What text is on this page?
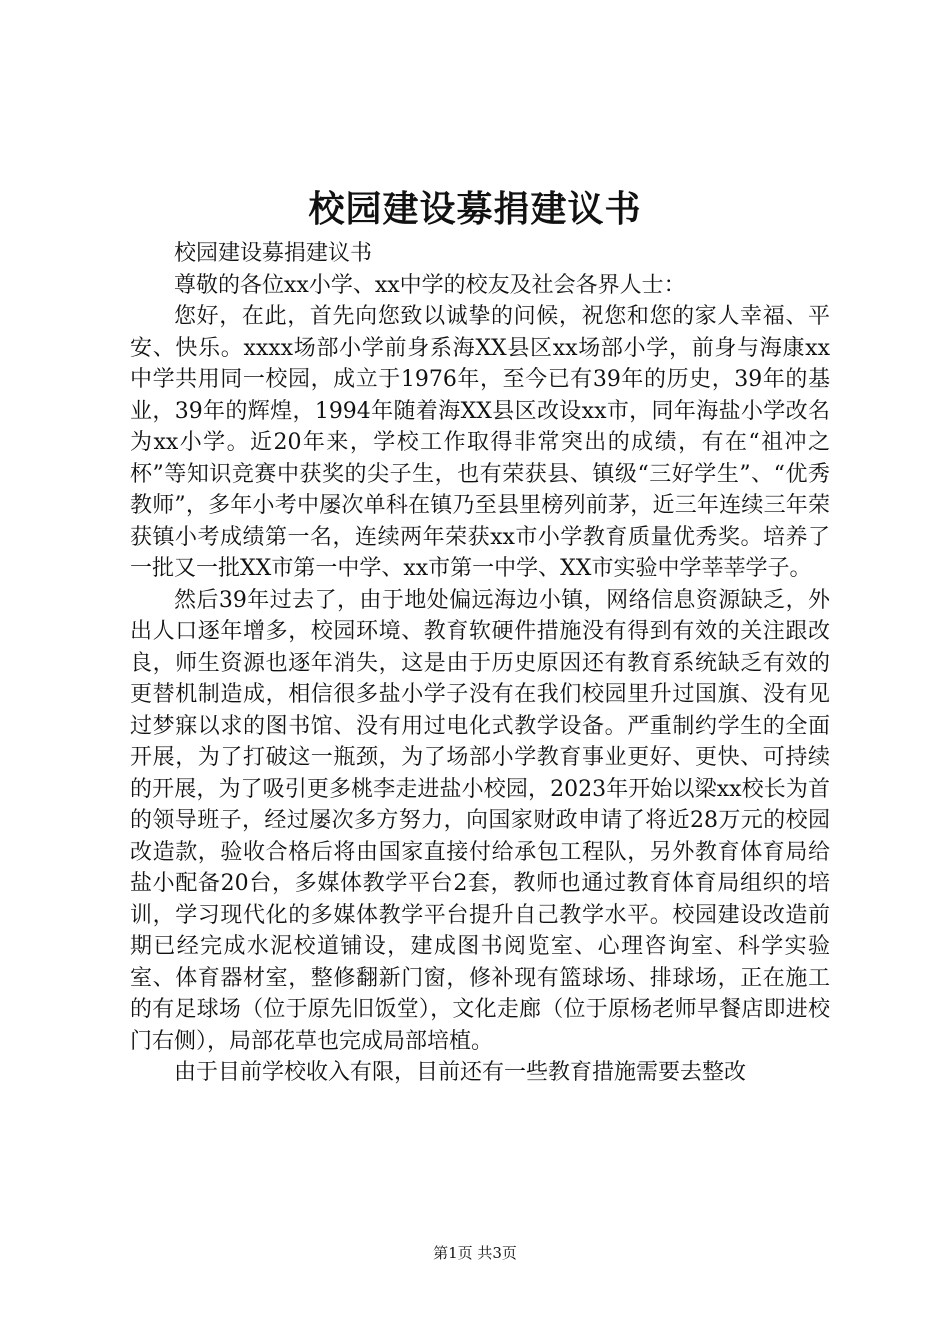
校园建设募捐建议书

校园建设募捐建议书

尊敬的各位xx小学、xx中学的校友及社会各界人士：

您好，在此，首先向您致以诚挚的问候，祝您和您的家人幸福、平安、快乐。xxxx场部小学前身系海XX县区xx场部小学，前身与海康xx中学共用同一校园，成立于1976年，至今已有39年的历史，39年的基业，39年的辉煌，1994年随着海XX县区改设xx市，同年海盐小学改名为xx小学。近20年来，学校工作取得非常突出的成绩，有在“祖冲之杯”等知识竞赛中获奖的尖子生，也有荣获县、镇级“三好学生”、“优秀教师”，多年小考中屡次单科在镇乃至县里榜列前茅，近三年连续三年荣获镇小考成绩第一名，连续两年荣获xx市小学教育质量优秀奖。培养了一批又一批XX市第一中学、xx市第一中学、XX市实验中学莘莘学子。

然后39年过去了，由于地处偏远海边小镇，网络信息资源缺乏，外出人口逐年增多，校园环境、教育软硬件措施没有得到有效的关注跟改良，师生资源也逐年消失，这是由于历史原因还有教育系统缺乏有效的更替机制造成，相信很多盐小学子没有在我们校园里升过国旗、没有见过梦寐以求的图书馆、没有用过电化式教学设备。严重制约学生的全面开展，为了打破这一瓶颈，为了场部小学教育事业更好、更快、可持续的开展，为了吸引更多桃李走进盐小校园，2023年开始以梁xx校长为首的领导班子，经过屡次多方努力，向国家财政申请了将近28万元的校园改造款，验收合格后将由国家直接付给承包工程队，另外教育体育局给盐小配备20台，多媒体教学平台2套，教师也通过教育体育局组织的培训，学习现代化的多媒体教学平台提升自己教学水平。校园建设改造前期已经完成水泥校道铺设，建成图书阅览室、心理咨询室、科学实验室、体育器材室，整修翻新门窗，修补现有篮球场、排球场，正在施工的有足球场（位于原先旧饭堂），文化走廊（位于原杨老师早餐店即进校门右侧），局部花草也完成局部培植。

由于目前学校收入有限，目前还有一些教育措施需要去整改

第1页 共3页
